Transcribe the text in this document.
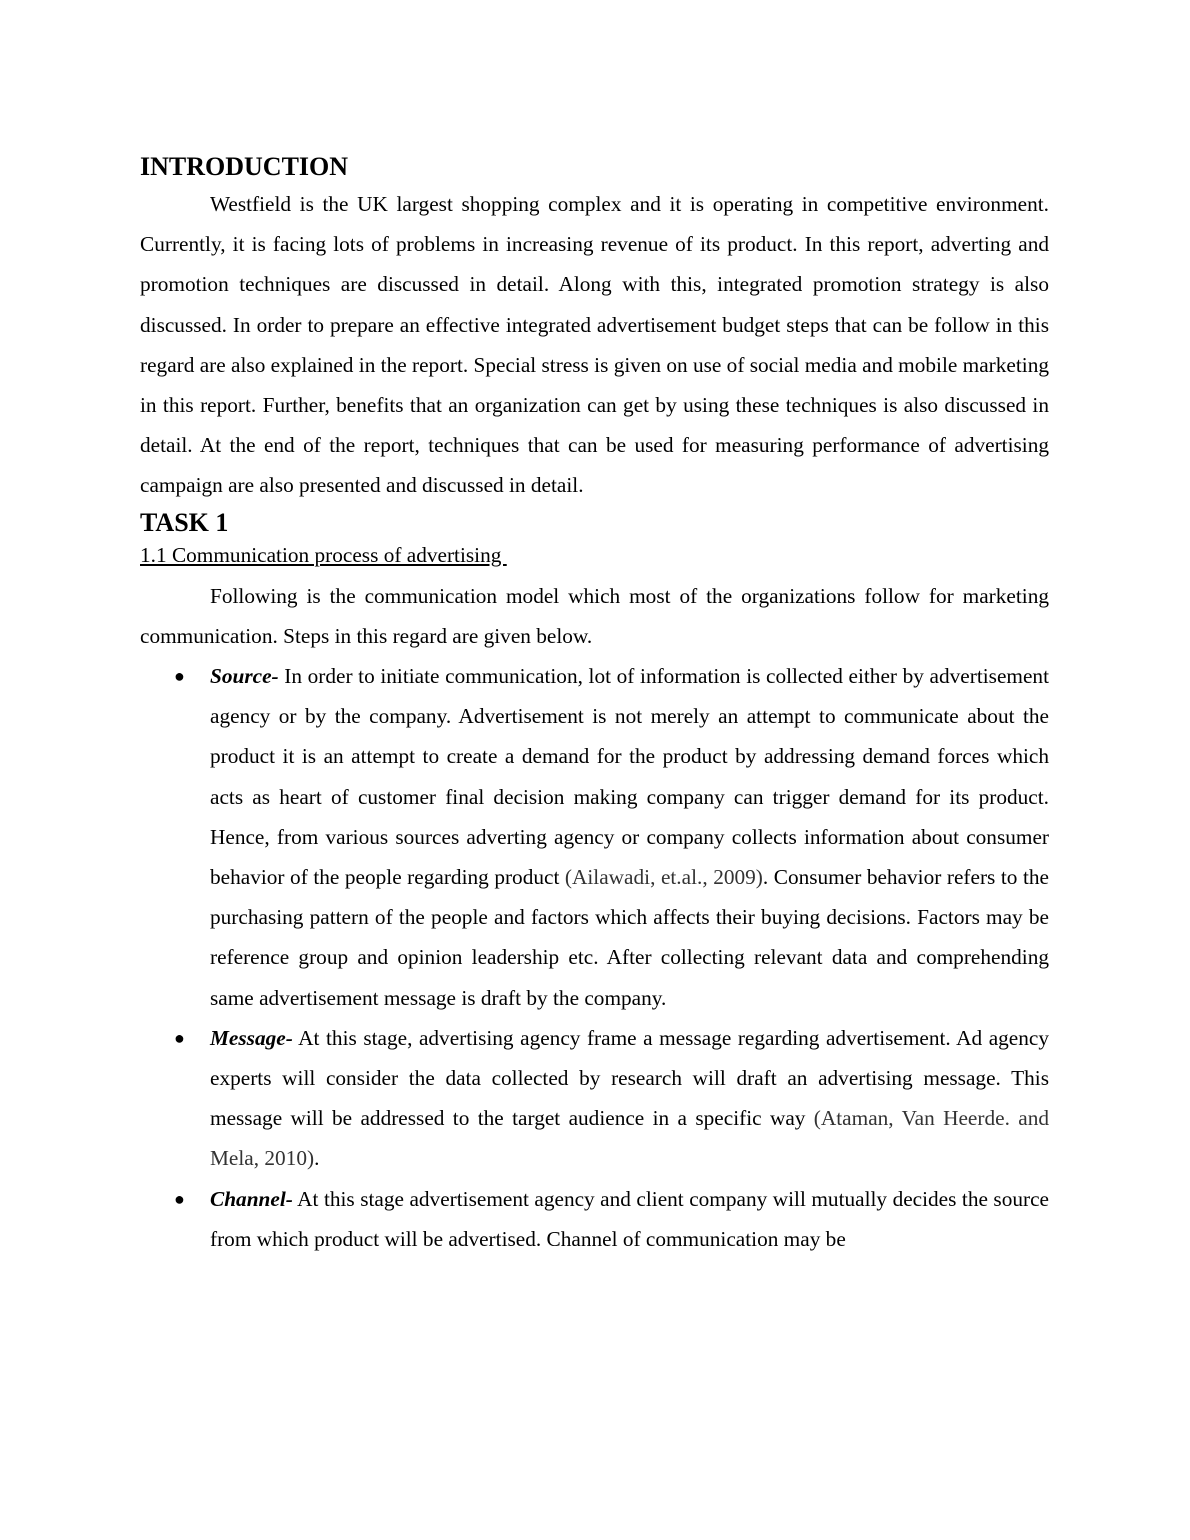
INTRODUCTION

Westfield is the UK largest shopping complex and it is operating in competitive environment. Currently, it is facing lots of problems in increasing revenue of its product. In this report, adverting and promotion techniques are discussed in detail. Along with this, integrated promotion strategy is also discussed. In order to prepare an effective integrated advertisement budget steps that can be follow in this regard are also explained in the report. Special stress is given on use of social media and mobile marketing in this report. Further, benefits that an organization can get by using these techniques is also discussed in detail. At the end of the report, techniques that can be used for measuring performance of advertising campaign are also presented and discussed in detail.

TASK 1
1.1 Communication process of advertising

Following is the communication model which most of the organizations follow for marketing communication. Steps in this regard are given below.

● Source- In order to initiate communication, lot of information is collected either by advertisement agency or by the company. Advertisement is not merely an attempt to communicate about the product it is an attempt to create a demand for the product by addressing demand forces which acts as heart of customer final decision making company can trigger demand for its product. Hence, from various sources adverting agency or company collects information about consumer behavior of the people regarding product (Ailawadi, et.al., 2009). Consumer behavior refers to the purchasing pattern of the people and factors which affects their buying decisions. Factors may be reference group and opinion leadership etc. After collecting relevant data and comprehending same advertisement message is draft by the company.
● Message- At this stage, advertising agency frame a message regarding advertisement. Ad agency experts will consider the data collected by research will draft an advertising message. This message will be addressed to the target audience in a specific way (Ataman, Van Heerde. and Mela, 2010).
● Channel- At this stage advertisement agency and client company will mutually decides the source from which product will be advertised. Channel of communication may be
